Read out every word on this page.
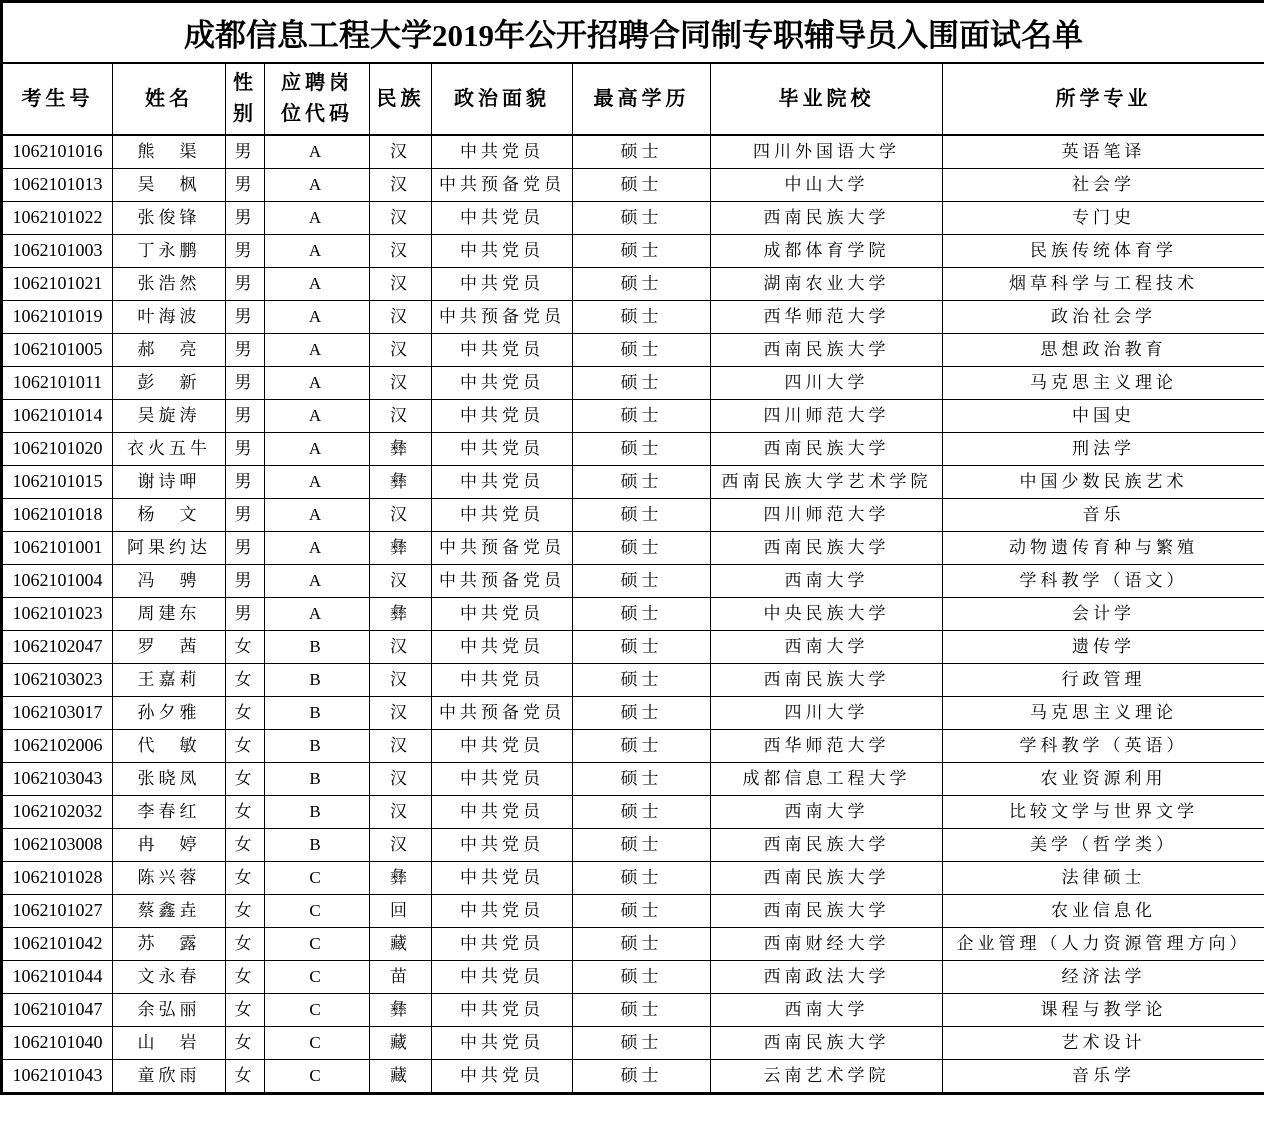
成都信息工程大学2019年公开招聘合同制专职辅导员入围面试名单								
考生号	姓名	性别	应聘岗位代码	民族	政治面貌	最高学历	毕业院校	所学专业
1062101016	熊　渠	男	A	汉	中共党员	硕士	四川外国语大学	英语笔译
1062101013	吴　枫	男	A	汉	中共预备党员	硕士	中山大学	社会学
1062101022	张俊锋	男	A	汉	中共党员	硕士	西南民族大学	专门史
1062101003	丁永鹏	男	A	汉	中共党员	硕士	成都体育学院	民族传统体育学
1062101021	张浩然	男	A	汉	中共党员	硕士	湖南农业大学	烟草科学与工程技术
1062101019	叶海波	男	A	汉	中共预备党员	硕士	西华师范大学	政治社会学
1062101005	郝　亮	男	A	汉	中共党员	硕士	西南民族大学	思想政治教育
1062101011	彭　新	男	A	汉	中共党员	硕士	四川大学	马克思主义理论
1062101014	吴旋涛	男	A	汉	中共党员	硕士	四川师范大学	中国史
1062101020	衣火五牛	男	A	彝	中共党员	硕士	西南民族大学	刑法学
1062101015	谢诗呷	男	A	彝	中共党员	硕士	西南民族大学艺术学院	中国少数民族艺术
1062101018	杨　文	男	A	汉	中共党员	硕士	四川师范大学	音乐
1062101001	阿果约达	男	A	彝	中共预备党员	硕士	西南民族大学	动物遗传育种与繁殖
1062101004	冯　骋	男	A	汉	中共预备党员	硕士	西南大学	学科教学（语文）
1062101023	周建东	男	A	彝	中共党员	硕士	中央民族大学	会计学
1062102047	罗　茜	女	B	汉	中共党员	硕士	西南大学	遗传学
1062103023	王嘉莉	女	B	汉	中共党员	硕士	西南民族大学	行政管理
1062103017	孙夕雅	女	B	汉	中共预备党员	硕士	四川大学	马克思主义理论
1062102006	代　敏	女	B	汉	中共党员	硕士	西华师范大学	学科教学（英语）
1062103043	张晓凤	女	B	汉	中共党员	硕士	成都信息工程大学	农业资源利用
1062102032	李春红	女	B	汉	中共党员	硕士	西南大学	比较文学与世界文学
1062103008	冉　婷	女	B	汉	中共党员	硕士	西南民族大学	美学（哲学类）
1062101028	陈兴蓉	女	C	彝	中共党员	硕士	西南民族大学	法律硕士
1062101027	蔡鑫垚	女	C	回	中共党员	硕士	西南民族大学	农业信息化
1062101042	苏　露	女	C	藏	中共党员	硕士	西南财经大学	企业管理（人力资源管理方向）
1062101044	文永春	女	C	苗	中共党员	硕士	西南政法大学	经济法学
1062101047	余弘丽	女	C	彝	中共党员	硕士	西南大学	课程与教学论
1062101040	山　岩	女	C	藏	中共党员	硕士	西南民族大学	艺术设计
1062101043	童欣雨	女	C	藏	中共党员	硕士	云南艺术学院	音乐学
